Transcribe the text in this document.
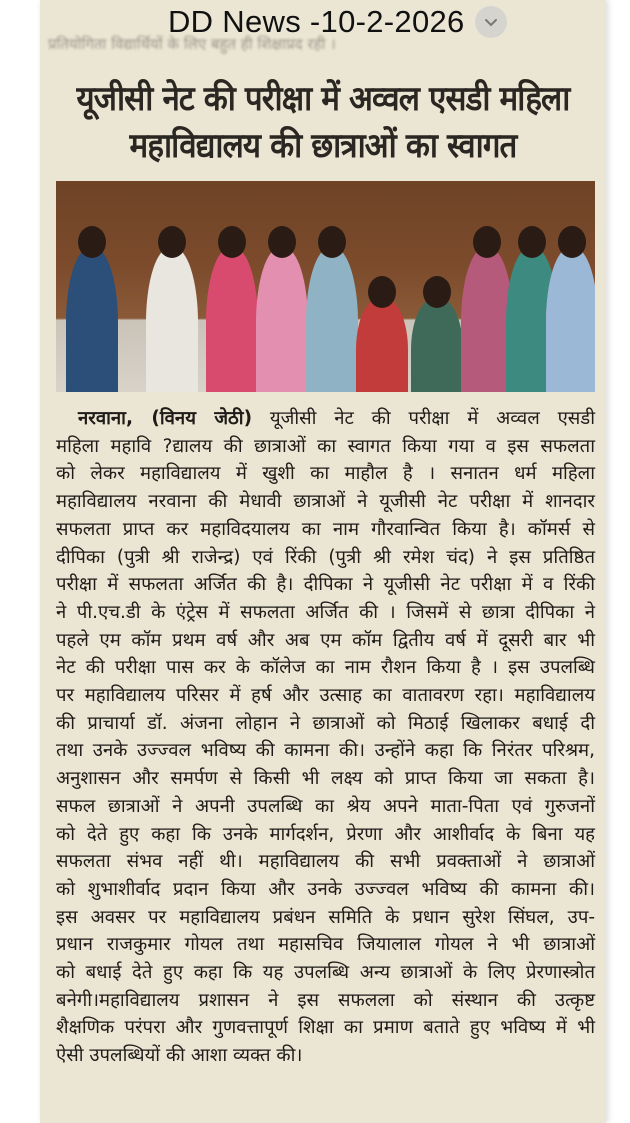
प्रतियोगिता विद्यार्थियों के लिए बहुत ही शिक्षाप्रद रही ।
DD News -10-2-2026
यूजीसी नेट की परीक्षा में अव्वल एसडी महिला
महाविद्यालय की छात्राओं का स्वागत
नरवाना, (विनय जेठी) यूजीसी नेट की परीक्षा में अव्वल एसडी
महिला महावि ?द्यालय की छात्राओं का स्वागत किया गया व इस सफलता
को लेकर महाविद्यालय में खुशी का माहौल है । सनातन धर्म महिला
महाविद्यालय नरवाना की मेधावी छात्राओं ने यूजीसी नेट परीक्षा में शानदार
सफलता प्राप्त कर महाविदयालय का नाम गौरवान्वित किया है। कॉमर्स से
दीपिका (पुत्री श्री राजेन्द्र) एवं रिंकी (पुत्री श्री रमेश चंद) ने इस प्रतिष्ठित
परीक्षा में सफलता अर्जित की है। दीपिका ने यूजीसी नेट परीक्षा में व रिंकी
ने पी.एच.डी के एंट्रेस में सफलता अर्जित की । जिसमें से छात्रा दीपिका ने
पहले एम कॉम प्रथम वर्ष और अब एम कॉम द्वितीय वर्ष में दूसरी बार भी
नेट की परीक्षा पास कर के कॉलेज का नाम रौशन किया है । इस उपलब्धि
पर महाविद्यालय परिसर में हर्ष और उत्साह का वातावरण रहा। महाविद्यालय
की प्राचार्या डॉ. अंजना लोहान ने छात्राओं को मिठाई खिलाकर बधाई दी
तथा उनके उज्ज्वल भविष्य की कामना की। उन्होंने कहा कि निरंतर परिश्रम,
अनुशासन और समर्पण से किसी भी लक्ष्य को प्राप्त किया जा सकता है।
सफल छात्राओं ने अपनी उपलब्धि का श्रेय अपने माता-पिता एवं गुरुजनों
को देते हुए कहा कि उनके मार्गदर्शन, प्रेरणा और आशीर्वाद के बिना यह
सफलता संभव नहीं थी। महाविद्यालय की सभी प्रवक्ताओं ने छात्राओं
को शुभाशीर्वाद प्रदान किया और उनके उज्ज्वल भविष्य की कामना की।
इस अवसर पर महाविद्यालय प्रबंधन समिति के प्रधान सुरेश सिंघल, उप-
प्रधान राजकुमार गोयल तथा महासचिव जियालाल गोयल ने भी छात्राओं
को बधाई देते हुए कहा कि यह उपलब्धि अन्य छात्राओं के लिए प्रेरणास्त्रोत
बनेगी।महाविद्यालय प्रशासन ने इस सफलला को संस्थान की उत्कृष्ट
शैक्षणिक परंपरा और गुणवत्तापूर्ण शिक्षा का प्रमाण बताते हुए भविष्य में भी
ऐसी उपलब्धियों की आशा व्यक्त की।
